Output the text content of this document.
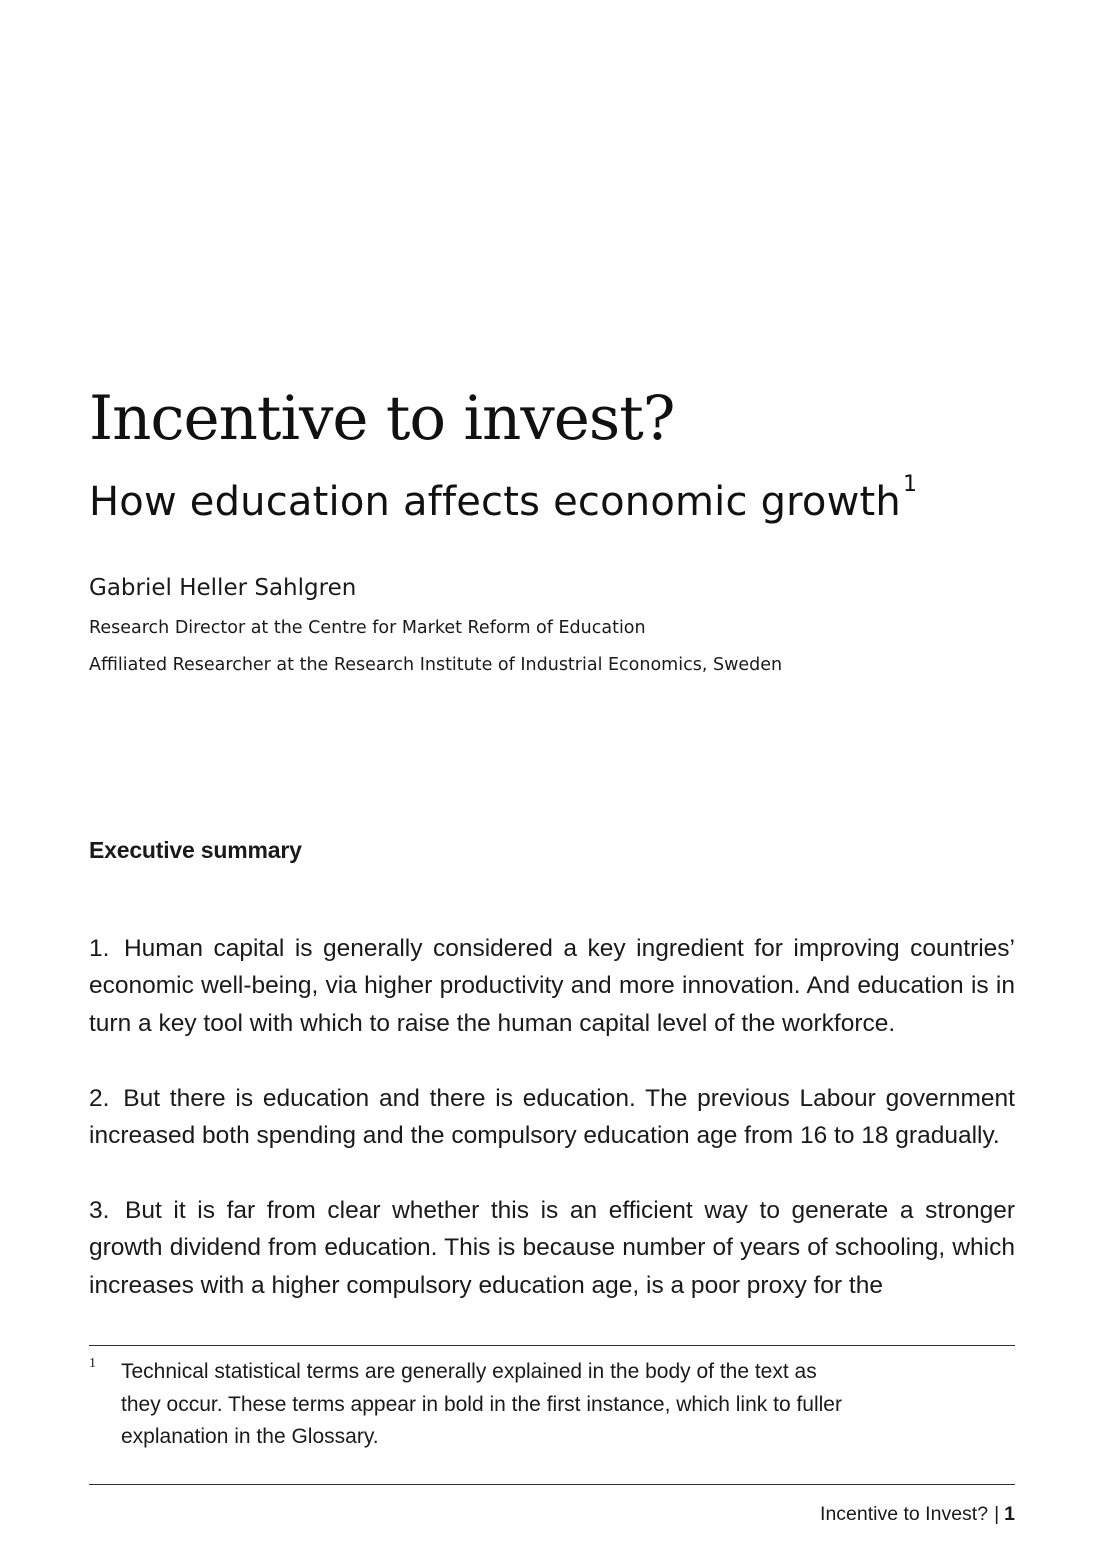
Incentive to invest?
How education affects economic growth$^1$
Gabriel Heller Sahlgren
Research Director at the Centre for Market Reform of Education
Affiliated Researcher at the Research Institute of Industrial Economics, Sweden
Executive summary

1. Human capital is generally considered a key ingredient for improving countries’ economic well-being, via higher productivity and more innovation. And education is in turn a key tool with which to raise the human capital level of the workforce.

2. But there is education and there is education. The previous Labour government increased both spending and the compulsory education age from 16 to 18 gradually.

3. But it is far from clear whether this is an efficient way to generate a stronger growth dividend from education. This is because number of years of schooling, which increases with a higher compulsory education age, is a poor proxy for the

1 Technical statistical terms are generally explained in the body of the text as
they occur. These terms appear in bold in the first instance, which link to fuller
explanation in the Glossary.

Incentive to Invest? | 1
